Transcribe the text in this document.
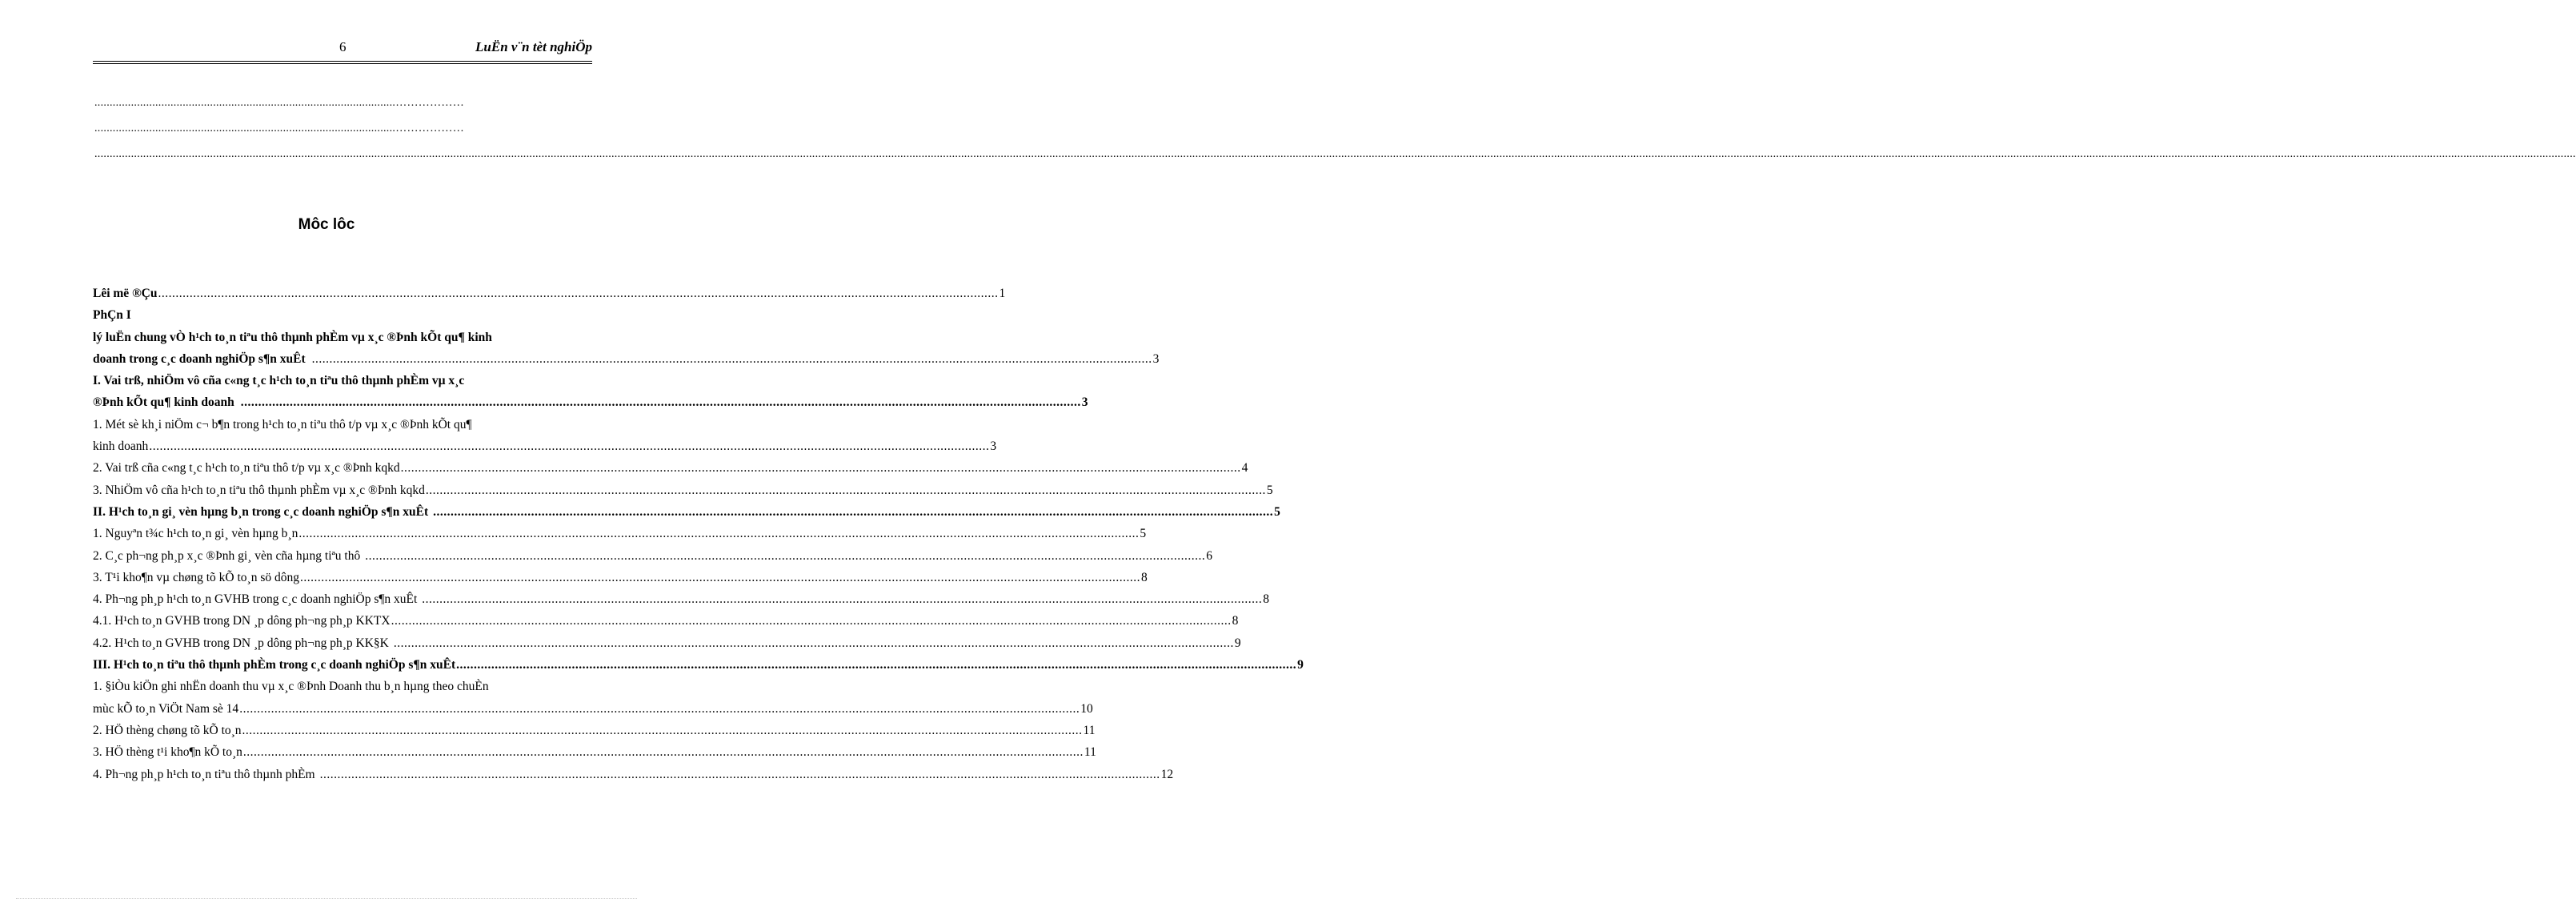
6	LuËn v¨n tèt nghiÖp
...................................................................................................………………
...................................................................................................………………
................................................................................................................................................................................................................................................................................................................................................................................................................................................................................................................................................................................................................................................................................................................................................................................................................................................
Môc lôc
Lêi më ®Çu .....	1
PhÇn I
lý luËn chung vÒ h¹ch to¸n tiªu thô thµnh phÈm vµ x¸c ®Þnh kÕt qu¶ kinh
doanh trong c¸c doanh nghiÖp s¶n xuÊt .....	3
I. Vai trß, nhiÖm vô cña c«ng t¸c h¹ch to¸n tiªu thô thµnh phÈm vµ x¸c
®Þnh kÕt qu¶ kinh doanh .....	3
1. Mét sè kh¸i niÖm c¬ b¶n trong h¹ch to¸n tiªu thô t/p vµ x¸c ®Þnh kÕt qu¶
kinh doanh .....	3
2. Vai trß cña c«ng t¸c h¹ch to¸n tiªu thô t/p vµ x¸c ®Þnh kqkd .....	4
3. NhiÖm vô cña h¹ch to¸n tiªu thô thµnh phÈm vµ x¸c ®Þnh kqkd .....	5
II. H¹ch to¸n gi¸ vèn hµng b¸n trong c¸c doanh nghiÖp s¶n xuÊt .....	5
1. Nguyªn t¾c h¹ch to¸n gi¸ vèn hµng b¸n .....	5
2. C¸c ph¬ng ph¸p x¸c ®Þnh gi¸ vèn cña hµng tiªu thô .....	6
3. T¹i kho¶n vµ chøng tõ kÕ to¸n sö dông .....	8
4. Ph¬ng ph¸p h¹ch to¸n GVHB trong c¸c doanh nghiÖp s¶n xuÊt .....	8
4.1. H¹ch to¸n GVHB trong DN ¸p dông ph¬ng ph¸p KKTX .....	8
4.2. H¹ch to¸n GVHB trong DN ¸p dông ph¬ng ph¸p KK§K .....	9
III. H¹ch to¸n tiªu thô thµnh phÈm trong c¸c doanh nghiÖp s¶n xuÊt .....	9
1. §iÒu kiÖn ghi nhËn doanh thu vµ x¸c ®Þnh Doanh thu b¸n hµng theo chuÈn
mùc kÕ to¸n ViÖt Nam sè 14 .....	10
2. HÖ thèng chøng tõ kÕ to¸n .....	11
3. HÖ thèng t¹i kho¶n kÕ to¸n .....	11
4. Ph¬ng ph¸p h¹ch to¸n tiªu thô thµnh phÈm .....	12
